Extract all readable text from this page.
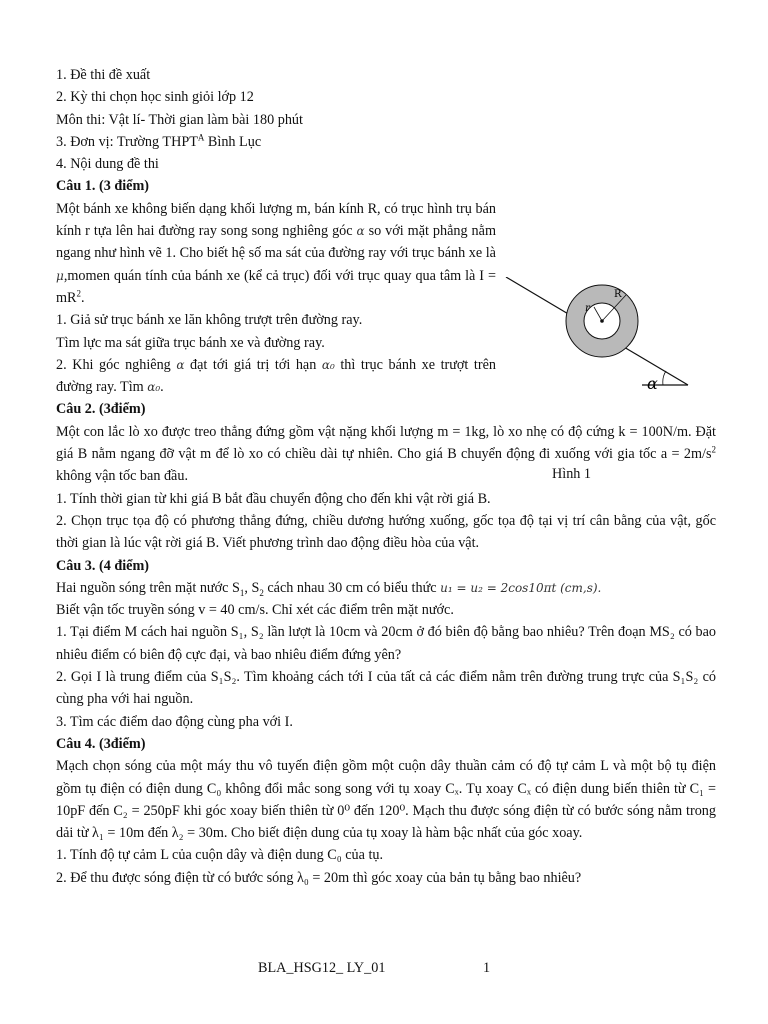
1. Đề thi đề xuất
2. Kỳ thi chọn học sinh giỏi lớp 12
Môn thi: Vật lí- Thời gian làm bài 180 phút
3. Đơn vị: Trường $THPT^A$ Bình Lục
4. Nội dung đề thi
Câu 1. (3 điểm)
Một bánh xe không biến dạng khối lượng m, bán kính R, có trục hình trụ bán kính r tựa lên hai đường ray song song nghiêng góc α so với mặt phẳng nằm ngang như hình vẽ 1. Cho biết hệ số ma sát của đường ray với trục bánh xe là μ,momen quán tính của bánh xe (kể cả trục) đối với trục quay qua tâm là $I = mR^2$.
1. Giả sử trục bánh xe lăn không trượt trên đường ray.
Tìm lực ma sát giữa trục bánh xe và đường ray.
2. Khi góc nghiêng α đạt tới giá trị tới hạn α₀ thì trục bánh xe trượt trên đường ray. Tìm α₀.
r
R
α
Hình 1
Câu 2. (3điểm)
Một con lắc lò xo được treo thẳng đứng gồm vật nặng khối lượng m = 1kg, lò xo nhẹ có độ cứng k = 100N/m. Đặt giá B nằm ngang đỡ vật m để lò xo có chiều dài tự nhiên. Cho giá B chuyển động đi xuống với gia tốc $a = 2m/s^2$ không vận tốc ban đầu.
1. Tính thời gian từ khi giá B bắt đầu chuyển động cho đến khi vật rời giá B.
2. Chọn trục tọa độ có phương thẳng đứng, chiều dương hướng xuống, gốc tọa độ tại vị trí cân bằng của vật, gốc thời gian là lúc vật rời giá B. Viết phương trình dao động điều hòa của vật.
Câu 3. (4 điểm)
Hai nguồn sóng trên mặt nước $S_1$, $S_2$ cách nhau 30 cm có biểu thức u₁ = u₂ = 2cos10πt (cm,s).
Biết vận tốc truyền sóng v = 40 cm/s. Chỉ xét các điểm trên mặt nước.
1. Tại điểm M cách hai nguồn S₁, S₂ lần lượt là 10cm và 20cm ở đó biên độ bằng bao nhiêu? Trên đoạn MS₂ có bao nhiêu điểm có biên độ cực đại, và bao nhiêu điểm đứng yên?
2. Gọi I là trung điểm của S₁S₂. Tìm khoảng cách tới I của tất cả các điểm nằm trên đường trung trực của S₁S₂ có cùng pha với hai nguồn.
3. Tìm các điểm dao động cùng pha với I.
Câu 4. (3điểm)
Mạch chọn sóng của một máy thu vô tuyến điện gồm một cuộn dây thuần cảm có độ tự cảm L và một bộ tụ điện gồm tụ điện có điện dung C₀ không đổi mắc song song với tụ xoay Cₓ. Tụ xoay Cₓ có điện dung biến thiên từ C₁ = 10pF đến C₂ = 250pF khi góc xoay biến thiên từ 0⁰ đến 120⁰. Mạch thu được sóng điện từ có bước sóng nằm trong dải từ λ₁ = 10m đến λ₂ = 30m. Cho biết điện dung của tụ xoay là hàm bậc nhất của góc xoay.
1. Tính độ tự cảm L của cuộn dây và điện dung C₀ của tụ.
2. Để thu được sóng điện từ có bước sóng λ₀ = 20m thì góc xoay của bản tụ bằng bao nhiêu?
BLA_HSG12_ LY_01	1
